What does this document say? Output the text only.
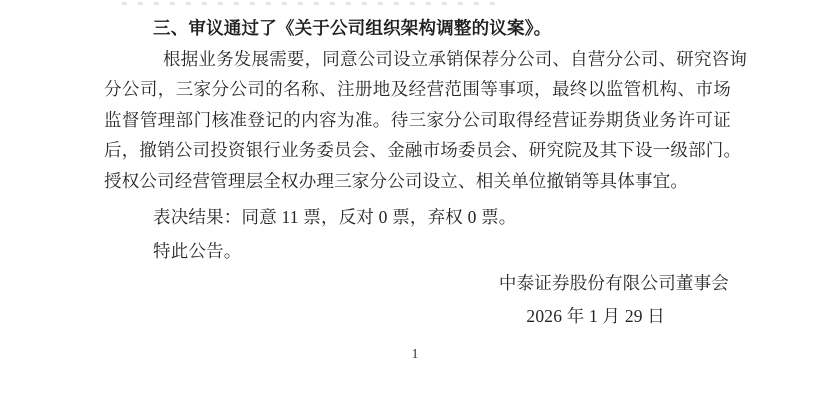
三、审议通过了《关于公司组织架构调整的议案》。
根据业务发展需要，同意公司设立承销保荐分公司、自营分公司、研究咨询
分公司，三家分公司的名称、注册地及经营范围等事项，最终以监管机构、市场
监督管理部门核准登记的内容为准。待三家分公司取得经营证券期货业务许可证
后，撤销公司投资银行业务委员会、金融市场委员会、研究院及其下设一级部门。
授权公司经营管理层全权办理三家分公司设立、相关单位撤销等具体事宜。
表决结果：同意 11 票，反对 0 票，弃权 0 票。
特此公告。
中泰证券股份有限公司董事会
2026 年 1 月 29 日
1
